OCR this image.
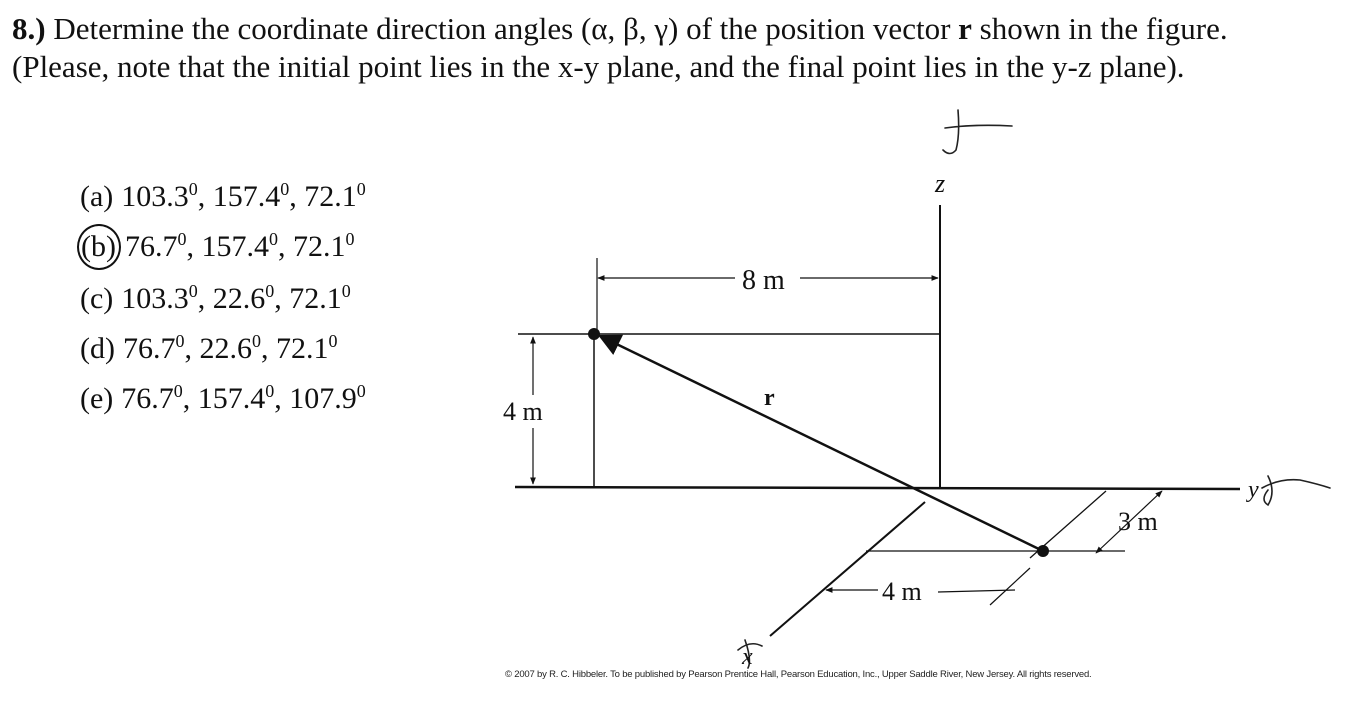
8.) Determine the coordinate direction angles (α, β, γ) of the position vector r shown in the figure. (Please, note that the initial point lies in the x-y plane, and the final point lies in the y-z plane).

(a) 103.3$^0$, 157.4$^0$, 72.1$^0$
(b) 76.7$^0$, 157.4$^0$, 72.1$^0$
(c) 103.3$^0$, 22.6$^0$, 72.1$^0$
(d) 76.7$^0$, 22.6$^0$, 72.1$^0$
(e) 76.7$^0$, 157.4$^0$, 107.9$^0$
z
y
x
r
8 m
4 m
4 m
3 m
© 2007 by R. C. Hibbeler. To be published by Pearson Prentice Hall, Pearson Education, Inc., Upper Saddle River, New Jersey. All rights reserved.
